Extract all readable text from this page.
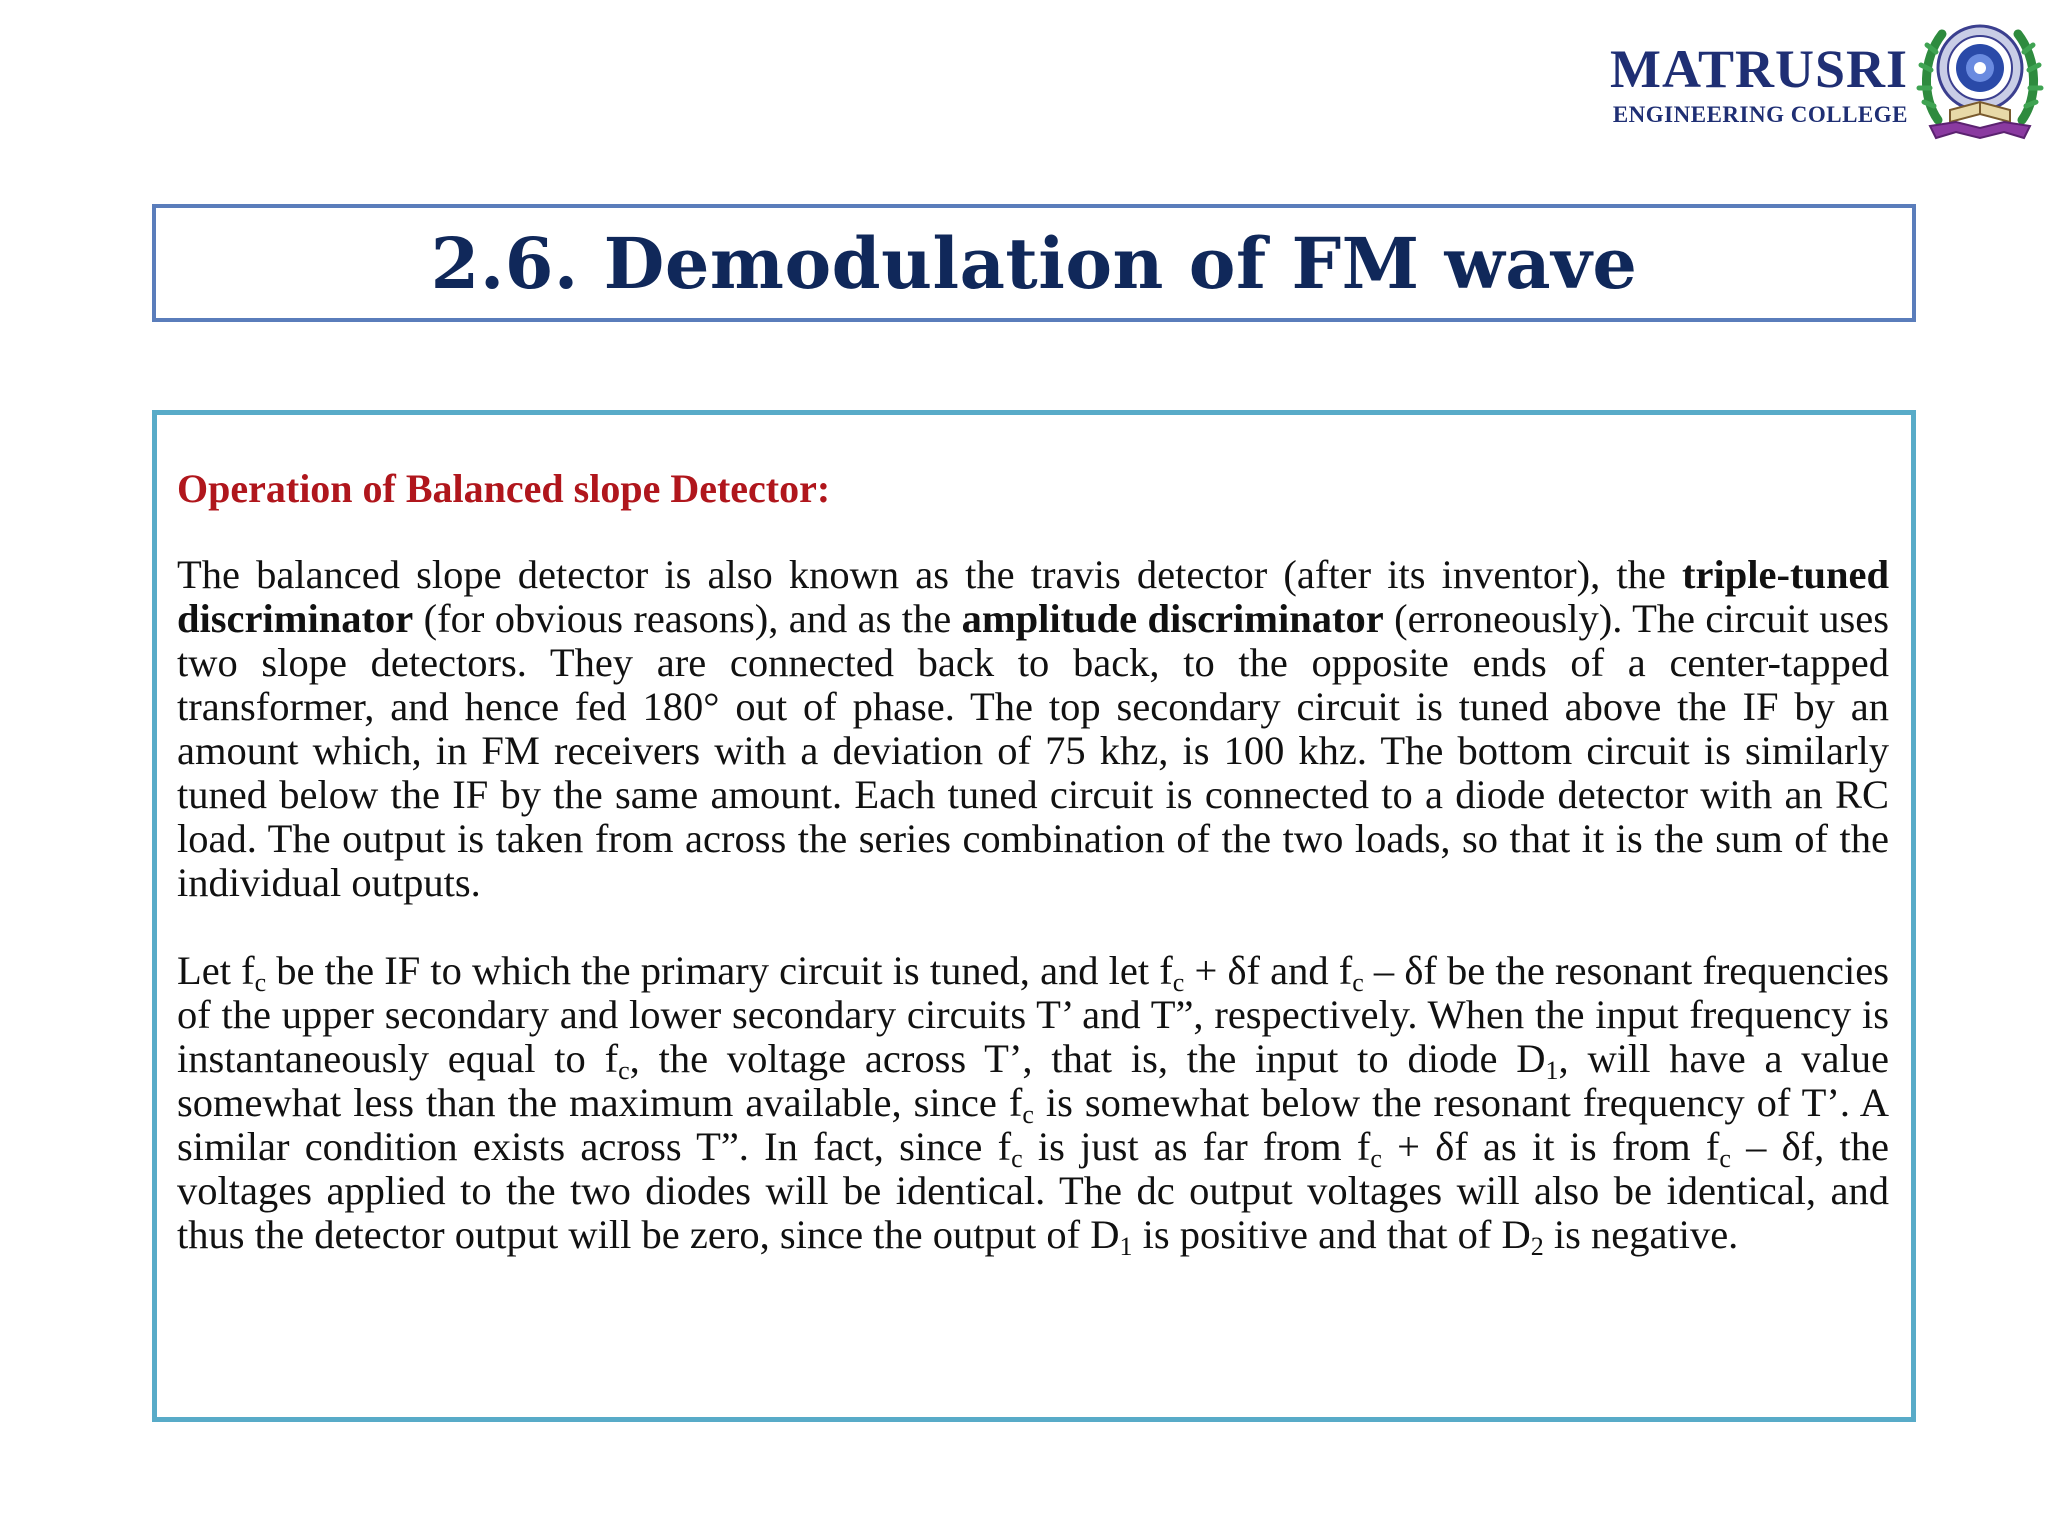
MATRUSRI
ENGINEERING COLLEGE
2.6. Demodulation of FM wave
Operation of Balanced slope Detector:

The balanced slope detector is also known as the travis detector (after its inventor), the triple-tuned discriminator (for obvious reasons), and as the amplitude discriminator (erroneously). The circuit uses two slope detectors. They are connected back to back, to the opposite ends of a center-tapped transformer, and hence fed 180° out of phase. The top secondary circuit is tuned above the IF by an amount which, in FM receivers with a deviation of 75 khz, is 100 khz. The bottom circuit is similarly tuned below the IF by the same amount. Each tuned circuit is connected to a diode detector with an RC load. The output is taken from across the series combination of the two loads, so that it is the sum of the individual outputs.

Let $f_c$ be the IF to which the primary circuit is tuned, and let $f_c + \delta f$ and $f_c$ – δf be the resonant frequencies of the upper secondary and lower secondary circuits T’ and T”, respectively. When the input frequency is instantaneously equal to $f_c$, the voltage across T’, that is, the input to diode $D_1$, will have a value somewhat less than the maximum available, since $f_c$ is somewhat below the resonant frequency of T’. A similar condition exists across T”. In fact, since $f_c$ is just as far from $f_c + \delta f$ as it is from $f_c$ – δf, the voltages applied to the two diodes will be identical. The dc output voltages will also be identical, and thus the detector output will be zero, since the output of $D_1$ is positive and that of $D_2$ is negative.
